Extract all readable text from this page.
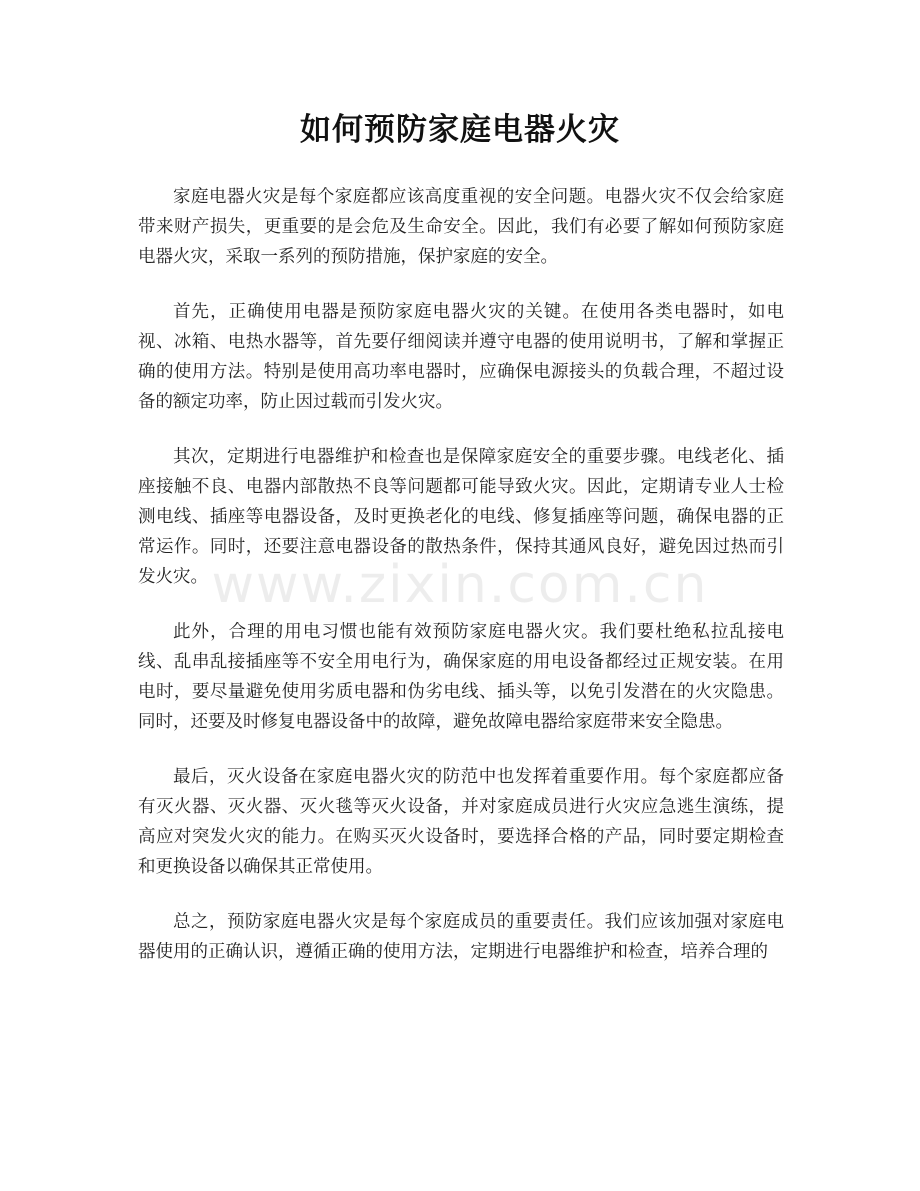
如何预防家庭电器火灾

家庭电器火灾是每个家庭都应该高度重视的安全问题。电器火灾不仅会给家庭带来财产损失，更重要的是会危及生命安全。因此，我们有必要了解如何预防家庭电器火灾，采取一系列的预防措施，保护家庭的安全。

首先，正确使用电器是预防家庭电器火灾的关键。在使用各类电器时，如电视、冰箱、电热水器等，首先要仔细阅读并遵守电器的使用说明书，了解和掌握正确的使用方法。特别是使用高功率电器时，应确保电源接头的负载合理，不超过设备的额定功率，防止因过载而引发火灾。

其次，定期进行电器维护和检查也是保障家庭安全的重要步骤。电线老化、插座接触不良、电器内部散热不良等问题都可能导致火灾。因此，定期请专业人士检测电线、插座等电器设备，及时更换老化的电线、修复插座等问题，确保电器的正常运作。同时，还要注意电器设备的散热条件，保持其通风良好，避免因过热而引发火灾。

此外，合理的用电习惯也能有效预防家庭电器火灾。我们要杜绝私拉乱接电线、乱串乱接插座等不安全用电行为，确保家庭的用电设备都经过正规安装。在用电时，要尽量避免使用劣质电器和伪劣电线、插头等，以免引发潜在的火灾隐患。同时，还要及时修复电器设备中的故障，避免故障电器给家庭带来安全隐患。

最后，灭火设备在家庭电器火灾的防范中也发挥着重要作用。每个家庭都应备有灭火器、灭火器、灭火毯等灭火设备，并对家庭成员进行火灾应急逃生演练，提高应对突发火灾的能力。在购买灭火设备时，要选择合格的产品，同时要定期检查和更换设备以确保其正常使用。

总之，预防家庭电器火灾是每个家庭成员的重要责任。我们应该加强对家庭电器使用的正确认识，遵循正确的使用方法，定期进行电器维护和检查，培养合理的

www.zixin.com.cn
